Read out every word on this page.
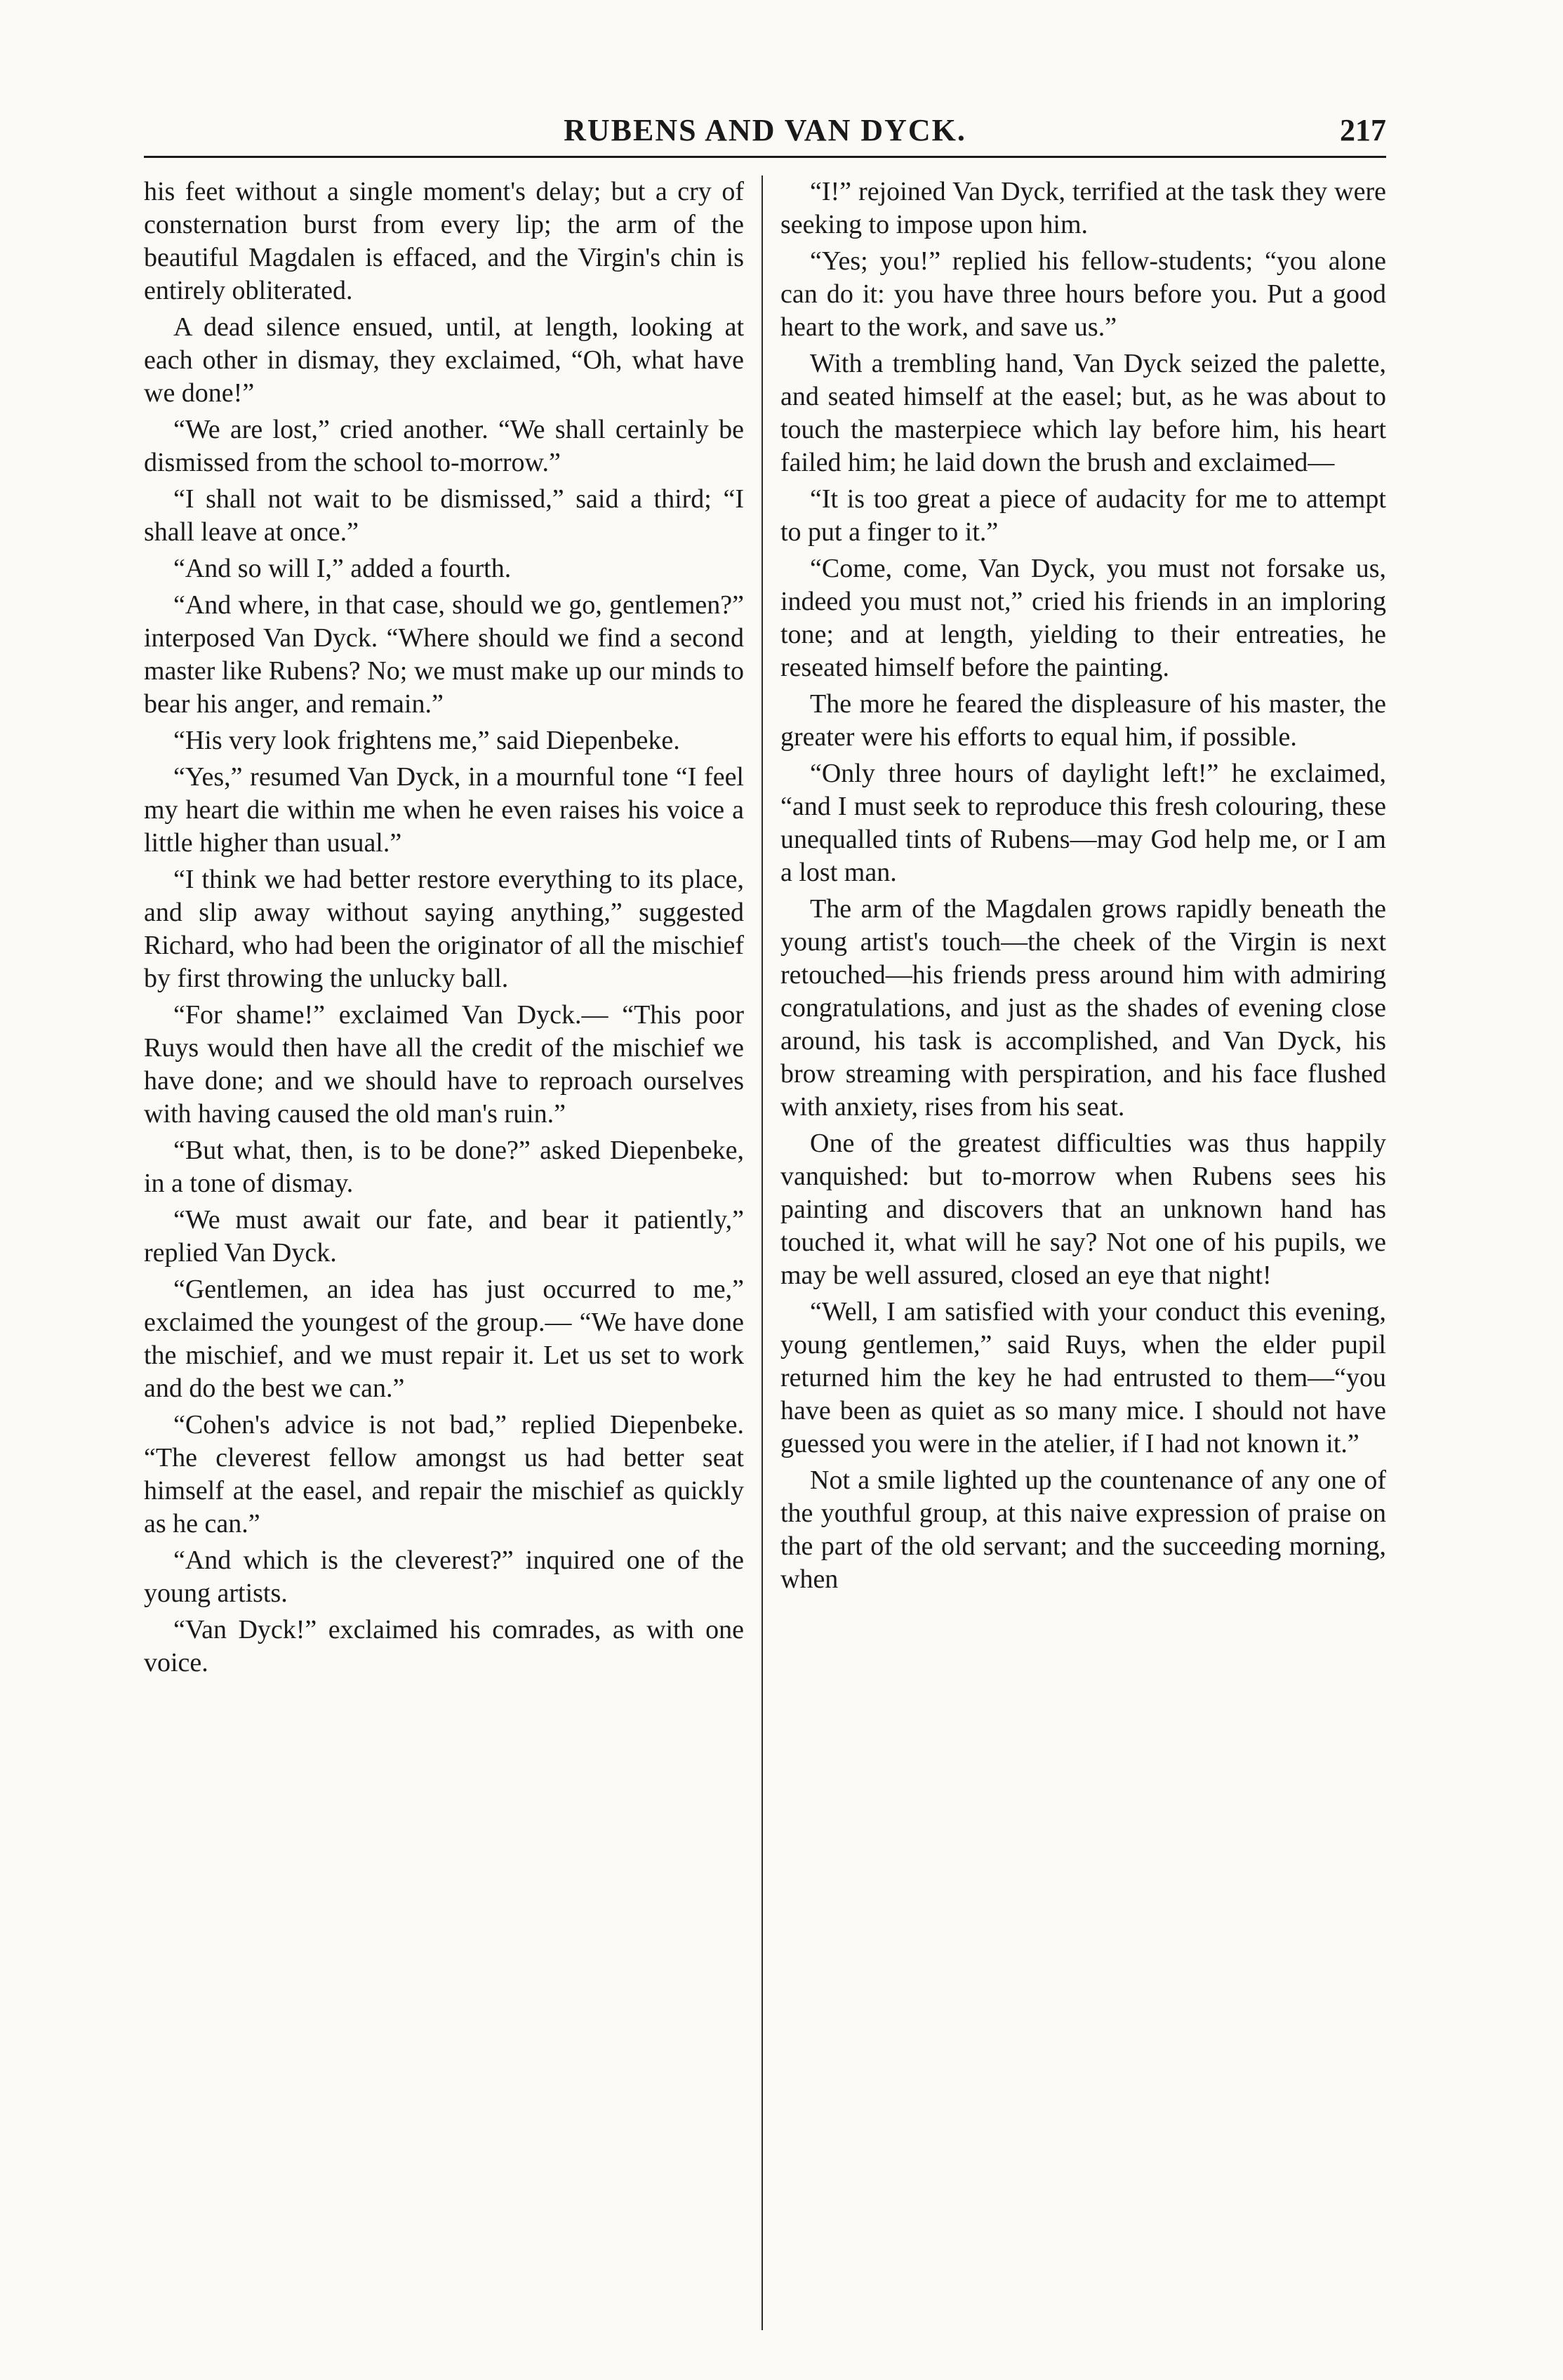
RUBENS AND VAN DYCK.	217

his feet without a single moment's delay; but a cry of consternation burst from every lip; the arm of the beautiful Magdalen is effaced, and the Virgin's chin is entirely obliterated.

A dead silence ensued, until, at length, looking at each other in dismay, they exclaimed, “Oh, what have we done!”

“We are lost,” cried another. “We shall certainly be dismissed from the school to-morrow.”

“I shall not wait to be dismissed,” said a third; “I shall leave at once.”

“And so will I,” added a fourth.

“And where, in that case, should we go, gentlemen?” interposed Van Dyck. “Where should we find a second master like Rubens? No; we must make up our minds to bear his anger, and remain.”

“His very look frightens me,” said Diepenbeke.

“Yes,” resumed Van Dyck, in a mournful tone “I feel my heart die within me when he even raises his voice a little higher than usual.”

“I think we had better restore everything to its place, and slip away without saying anything,” suggested Richard, who had been the originator of all the mischief by first throwing the unlucky ball.

“For shame!” exclaimed Van Dyck.— “This poor Ruys would then have all the credit of the mischief we have done; and we should have to reproach ourselves with having caused the old man's ruin.”

“But what, then, is to be done?” asked Diepenbeke, in a tone of dismay.

“We must await our fate, and bear it patiently,” replied Van Dyck.

“Gentlemen, an idea has just occurred to me,” exclaimed the youngest of the group.— “We have done the mischief, and we must repair it. Let us set to work and do the best we can.”

“Cohen's advice is not bad,” replied Diepenbeke. “The cleverest fellow amongst us had better seat himself at the easel, and repair the mischief as quickly as he can.”

“And which is the cleverest?” inquired one of the young artists.

“Van Dyck!” exclaimed his comrades, as with one voice.

“I!” rejoined Van Dyck, terrified at the task they were seeking to impose upon him.

“Yes; you!” replied his fellow-students; “you alone can do it: you have three hours before you. Put a good heart to the work, and save us.”

With a trembling hand, Van Dyck seized the palette, and seated himself at the easel; but, as he was about to touch the masterpiece which lay before him, his heart failed him; he laid down the brush and exclaimed—

“It is too great a piece of audacity for me to attempt to put a finger to it.”

“Come, come, Van Dyck, you must not forsake us, indeed you must not,” cried his friends in an imploring tone; and at length, yielding to their entreaties, he reseated himself before the painting.

The more he feared the displeasure of his master, the greater were his efforts to equal him, if possible.

“Only three hours of daylight left!” he exclaimed, “and I must seek to reproduce this fresh colouring, these unequalled tints of Rubens—may God help me, or I am a lost man.

The arm of the Magdalen grows rapidly beneath the young artist's touch—the cheek of the Virgin is next retouched—his friends press around him with admiring congratulations, and just as the shades of evening close around, his task is accomplished, and Van Dyck, his brow streaming with perspiration, and his face flushed with anxiety, rises from his seat.

One of the greatest difficulties was thus happily vanquished: but to-morrow when Rubens sees his painting and discovers that an unknown hand has touched it, what will he say? Not one of his pupils, we may be well assured, closed an eye that night!

“Well, I am satisfied with your conduct this evening, young gentlemen,” said Ruys, when the elder pupil returned him the key he had entrusted to them—“you have been as quiet as so many mice. I should not have guessed you were in the atelier, if I had not known it.”

Not a smile lighted up the countenance of any one of the youthful group, at this naive expression of praise on the part of the old servant; and the succeeding morning, when
